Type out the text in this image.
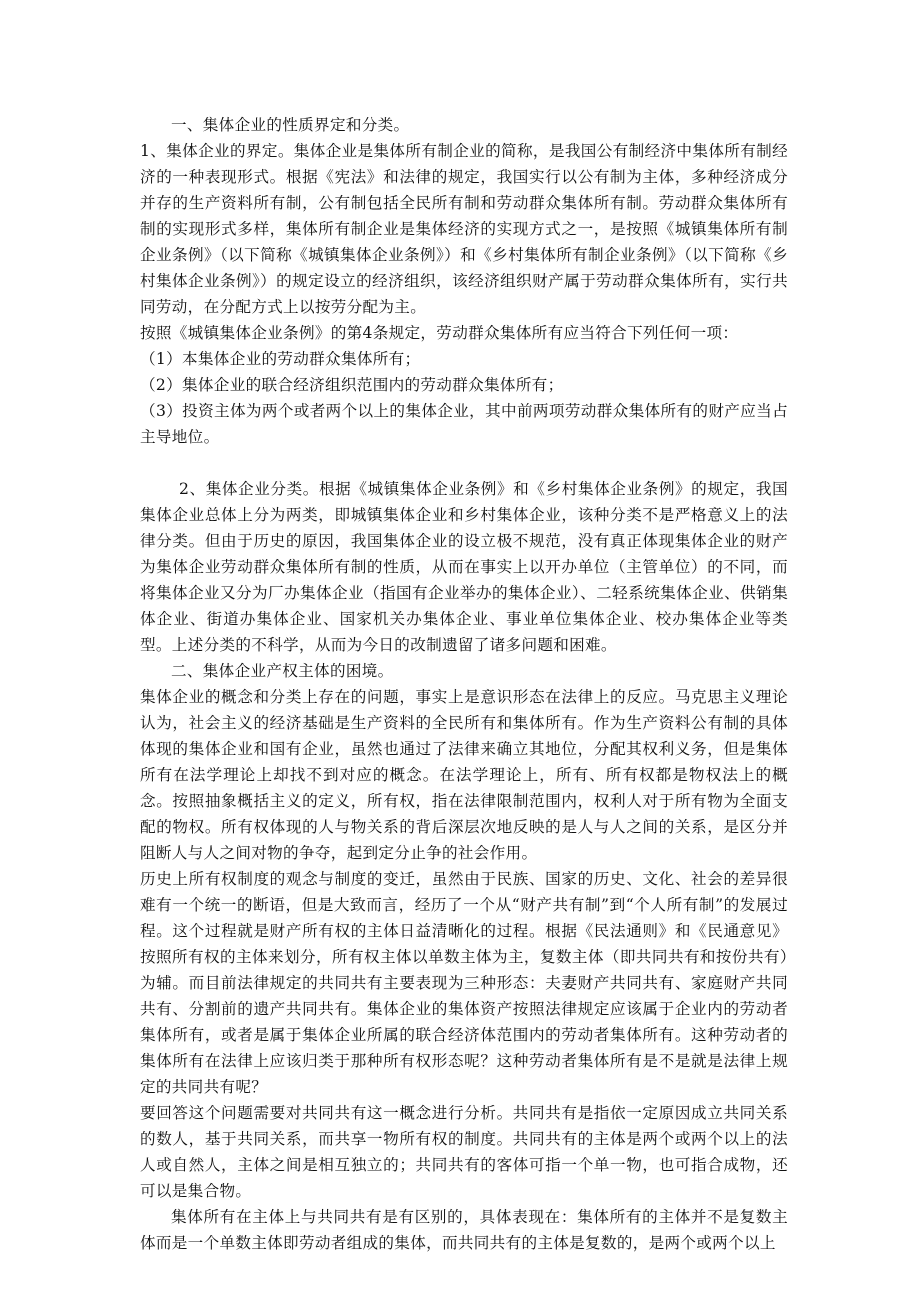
一、集体企业的性质界定和分类。

1、集体企业的界定。集体企业是集体所有制企业的简称，是我国公有制经济中集体所有制经济的一种表现形式。根据《宪法》和法律的规定，我国实行以公有制为主体，多种经济成分并存的生产资料所有制，公有制包括全民所有制和劳动群众集体所有制。劳动群众集体所有制的实现形式多样，集体所有制企业是集体经济的实现方式之一，是按照《城镇集体所有制企业条例》（以下简称《城镇集体企业条例》）和《乡村集体所有制企业条例》（以下简称《乡村集体企业条例》）的规定设立的经济组织，该经济组织财产属于劳动群众集体所有，实行共同劳动，在分配方式上以按劳分配为主。

按照《城镇集体企业条例》的第4条规定，劳动群众集体所有应当符合下列任何一项：

（1）本集体企业的劳动群众集体所有；

（2）集体企业的联合经济组织范围内的劳动群众集体所有；

（3）投资主体为两个或者两个以上的集体企业，其中前两项劳动群众集体所有的财产应当占主导地位。

2、集体企业分类。根据《城镇集体企业条例》和《乡村集体企业条例》的规定，我国集体企业总体上分为两类，即城镇集体企业和乡村集体企业，该种分类不是严格意义上的法律分类。但由于历史的原因，我国集体企业的设立极不规范，没有真正体现集体企业的财产为集体企业劳动群众集体所有制的性质，从而在事实上以开办单位（主管单位）的不同，而将集体企业又分为厂办集体企业（指国有企业举办的集体企业）、二轻系统集体企业、供销集体企业、街道办集体企业、国家机关办集体企业、事业单位集体企业、校办集体企业等类型。上述分类的不科学，从而为今日的改制遗留了诸多问题和困难。

二、集体企业产权主体的困境。

集体企业的概念和分类上存在的问题，事实上是意识形态在法律上的反应。马克思主义理论认为，社会主义的经济基础是生产资料的全民所有和集体所有。作为生产资料公有制的具体体现的集体企业和国有企业，虽然也通过了法律来确立其地位，分配其权利义务，但是集体所有在法学理论上却找不到对应的概念。在法学理论上，所有、所有权都是物权法上的概念。按照抽象概括主义的定义，所有权，指在法律限制范围内，权利人对于所有物为全面支配的物权。所有权体现的人与物关系的背后深层次地反映的是人与人之间的关系，是区分并阻断人与人之间对物的争夺，起到定分止争的社会作用。

历史上所有权制度的观念与制度的变迁，虽然由于民族、国家的历史、文化、社会的差异很难有一个统一的断语，但是大致而言，经历了一个从“财产共有制”到“个人所有制”的发展过程。这个过程就是财产所有权的主体日益清晰化的过程。根据《民法通则》和《民通意见》按照所有权的主体来划分，所有权主体以单数主体为主，复数主体（即共同共有和按份共有）为辅。而目前法律规定的共同共有主要表现为三种形态：夫妻财产共同共有、家庭财产共同共有、分割前的遗产共同共有。集体企业的集体资产按照法律规定应该属于企业内的劳动者集体所有，或者是属于集体企业所属的联合经济体范围内的劳动者集体所有。这种劳动者的集体所有在法律上应该归类于那种所有权形态呢？这种劳动者集体所有是不是就是法律上规定的共同共有呢？

要回答这个问题需要对共同共有这一概念进行分析。共同共有是指依一定原因成立共同关系的数人，基于共同关系，而共享一物所有权的制度。共同共有的主体是两个或两个以上的法人或自然人，主体之间是相互独立的；共同共有的客体可指一个单一物，也可指合成物，还可以是集合物。

集体所有在主体上与共同共有是有区别的，具体表现在：集体所有的主体并不是复数主体而是一个单数主体即劳动者组成的集体，而共同共有的主体是复数的，是两个或两个以上
